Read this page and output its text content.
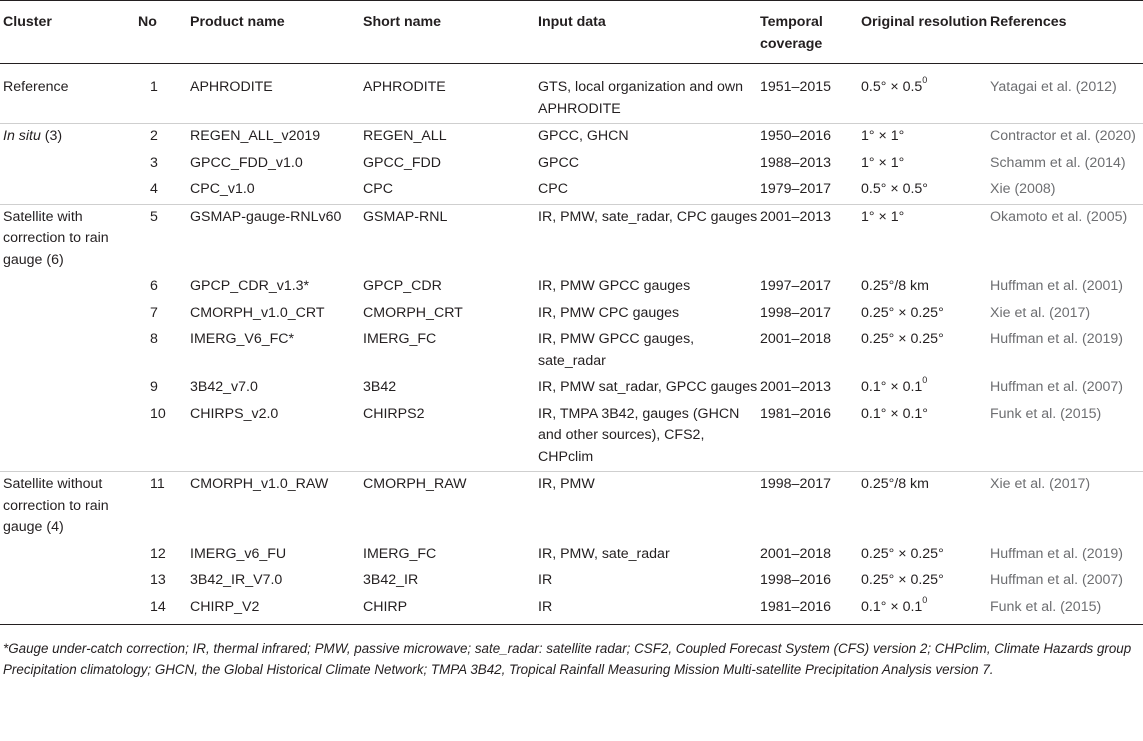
Cluster	No	Product name	Short name	Input data	Temporal coverage	Original resolution	References
Reference	1	APHRODITE	APHRODITE	GTS, local organization and own APHRODITE	1951–2015	$0.5^\circ \times 0.5^0$	Yatagai et al. (2012)
In situ (3)	2	REGEN_ALL_v2019	REGEN_ALL	GPCC, GHCN	1950–2016	1° × 1°	Contractor et al. (2020)
	3	GPCC_FDD_v1.0	GPCC_FDD	GPCC	1988–2013	1° × 1°	Schamm et al. (2014)
	4	CPC_v1.0	CPC	CPC	1979–2017	0.5° × 0.5°	Xie (2008)
Satellite with correction to rain gauge (6)	5	GSMAP-gauge-RNLv60	GSMAP-RNL	IR, PMW, sate_radar, CPC gauges	2001–2013	1° × 1°	Okamoto et al. (2005)
	6	GPCP_CDR_v1.3*	GPCP_CDR	IR, PMW GPCC gauges	1997–2017	0.25°/8 km	Huffman et al. (2001)
	7	CMORPH_v1.0_CRT	CMORPH_CRT	IR, PMW CPC gauges	1998–2017	0.25° × 0.25°	Xie et al. (2017)
	8	IMERG_V6_FC*	IMERG_FC	IR, PMW GPCC gauges, sate_radar	2001–2018	0.25° × 0.25°	Huffman et al. (2019)
	9	3B42_v7.0	3B42	IR, PMW sat_radar, GPCC gauges	2001–2013	$0.1^\circ \times 0.1^0$	Huffman et al. (2007)
	10	CHIRPS_v2.0	CHIRPS2	IR, TMPA 3B42, gauges (GHCN and other sources), CFS2, CHPclim	1981–2016	0.1° × 0.1°	Funk et al. (2015)
Satellite without correction to rain gauge (4)	11	CMORPH_v1.0_RAW	CMORPH_RAW	IR, PMW	1998–2017	0.25°/8 km	Xie et al. (2017)
	12	IMERG_v6_FU	IMERG_FC	IR, PMW, sate_radar	2001–2018	0.25° × 0.25°	Huffman et al. (2019)
	13	3B42_IR_V7.0	3B42_IR	IR	1998–2016	0.25° × 0.25°	Huffman et al. (2007)
	14	CHIRP_V2	CHIRP	IR	1981–2016	$0.1^\circ \times 0.1^0$	Funk et al. (2015)
*Gauge under-catch correction; IR, thermal infrared; PMW, passive microwave; sate_radar: satellite radar; CSF2, Coupled Forecast System (CFS) version 2; CHPclim, Climate Hazards group Precipitation climatology; GHCN, the Global Historical Climate Network; TMPA 3B42, Tropical Rainfall Measuring Mission Multi-satellite Precipitation Analysis version 7.
